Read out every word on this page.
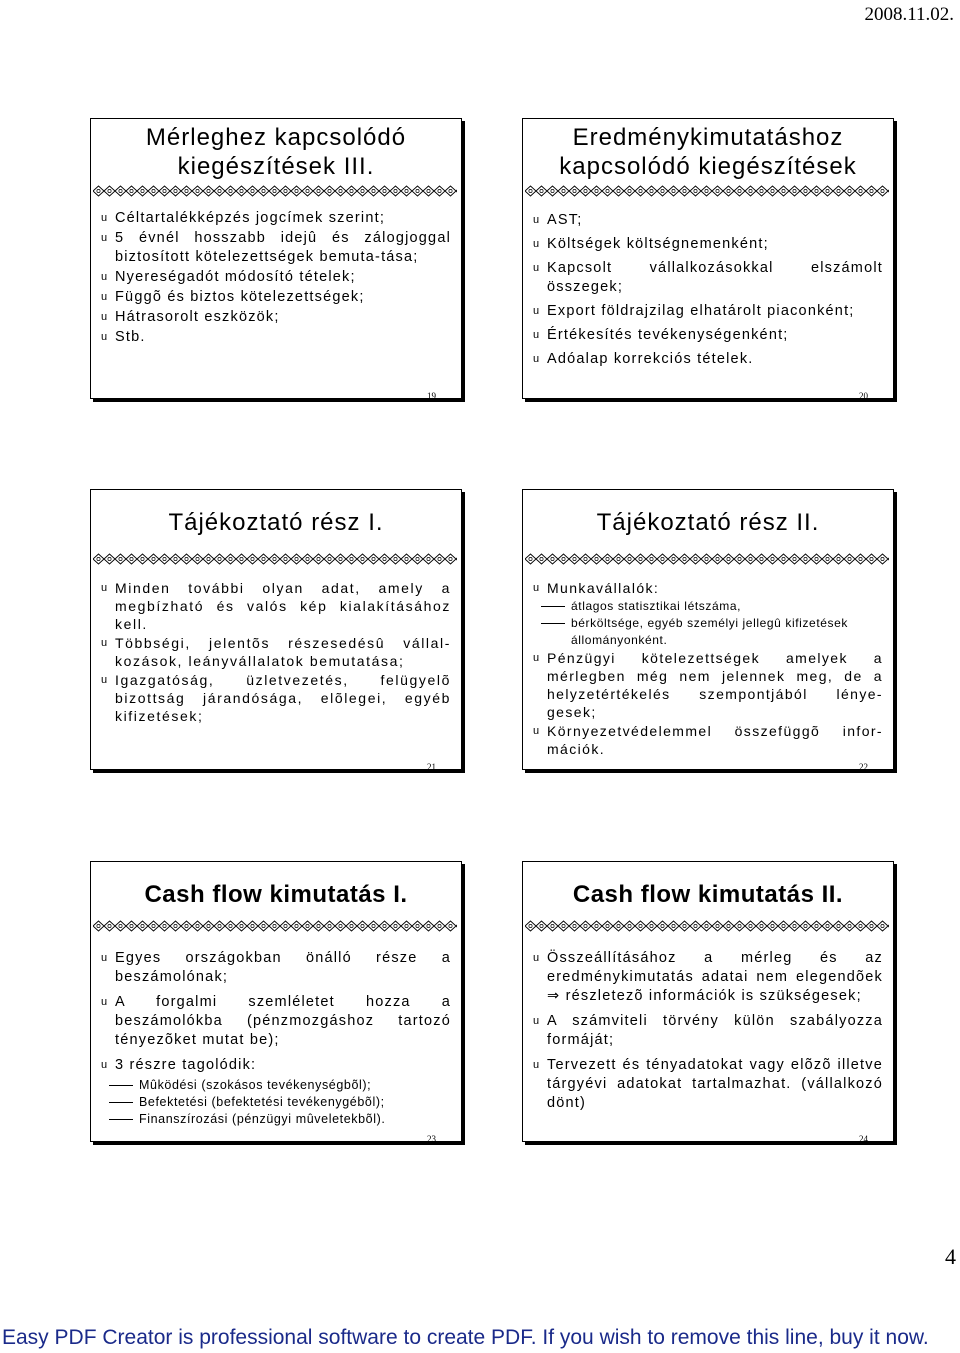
2008.11.02.

Mérleghez kapcsolódó

kiegészítések III.

u Céltartalékképzés jogcímek szerint;
u 5 évnél hosszabb idejû és zálogjoggal biztosított kötelezettségek bemuta-tása;
u Nyereségadót módosító tételek;
u Függõ és biztos kötelezettségek;
u Hátrasorolt eszközök;
u Stb.
19

Eredménykimutatáshoz

kapcsolódó kiegészítések

u AST;
u Költségek költségnemenként;
u Kapcsolt vállalkozásokkal elszámolt összegek;
u Export földrajzilag elhatárolt piaconként;
u Értékesítés tevékenységenként;
u Adóalap korrekciós tételek.
20

Tájékoztató rész I.

u Minden további olyan adat, amely a megbízható és valós kép kialakításához kell.
u Többségi, jelentõs részesedésû vállal-kozások, leányvállalatok bemutatása;
u Igazgatóság, üzletvezetés, felügyelõ bizottság járandósága, elõlegei, egyéb kifizetések;
21

Tájékoztató rész II.

u Munkavállalók:
átlagos statisztikai létszáma,
bérköltsége, egyéb személyi jellegû kifizetések állományonként.
u Pénzügyi kötelezettségek amelyek a mérlegben még nem jelennek meg, de a helyzetértékelés szempontjából lénye-gesek;
u Környezetvédelemmel összefüggõ infor-mációk.
22

Cash flow kimutatás I.

u Egyes országokban önálló része a beszámolónak;
u A forgalmi szemléletet hozza a beszámolókba (pénzmozgáshoz tartozó tényezõket mutat be);
u 3 részre tagolódik:
Mûködési (szokásos tevékenységbõl);
Befektetési (befektetési tevékenygébõl);
Finanszírozási (pénzügyi mûveletekbõl).
23

Cash flow kimutatás II.

u Összeállításához a mérleg és az eredménykimutatás adatai nem elegendõek ⇒ részletezõ információk is szükségesek;
u A számviteli törvény külön szabályozza formáját;
u Tervezett és tényadatokat vagy elõzõ illetve tárgyévi adatokat tartalmazhat. (vállalkozó dönt)
24
4
Easy PDF Creator is professional software to create PDF. If you wish to remove this line, buy it now.
